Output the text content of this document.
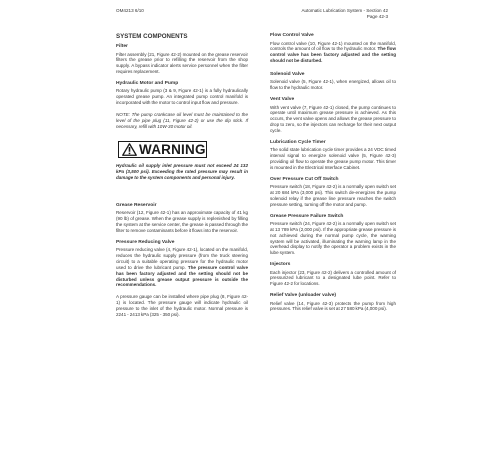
OM4213 6/10	Automatic Lubrication System - Section 42
Page 42-3
SYSTEM COMPONENTS
Filter
Filter assembly (21, Figure 42-2) mounted on the grease reservoir filters the grease prior to refilling the reservoir from the shop supply. A bypass indicator alerts service personnel when the filter requires replacement.
Hydraulic Motor and Pump
Rotary hydraulic pump (3 & 9, Figure 42-1) is a fully hydraulically operated grease pump. An integrated pump control manifold is incorporated with the motor to control input flow and pressure.
NOTE: The pump crankcase oil level must be maintained to the level of the pipe plug (11, Figure 42-2) or use the dip stick. If necessary, refill with 10W-30 motor oil.
WARNING
Hydraulic oil supply inlet pressure must not exceed 24 132 kPa (3,500 psi). Exceeding the rated pressure may result in damage to the system components and personal injury.
Grease Reservoir
Reservoir (12, Figure 42-1) has an approximate capacity of 41 kg (90 lb) of grease. When the grease supply is replenished by filling the system at the service center, the grease is passed through the filter to remove contaminants before it flows into the reservoir.
Pressure Reducing Valve
Pressure reducing valve (4, Figure 42-1), located on the manifold, reduces the hydraulic supply pressure (from the truck steering circuit) to a suitable operating pressure for the hydraulic motor used to drive the lubricant pump. The pressure control valve has been factory adjusted and the setting should not be disturbed unless grease output pressure is outside the recommendations.
A pressure gauge can be installed where pipe plug (8, Figure 42-1) is located. The pressure gauge will indicate hydraulic oil pressure to the inlet of the hydraulic motor. Normal pressure is 2241 - 2413 kPa (325 - 350 psi).
Flow Control Valve
Flow control valve (10, Figure 42-1) mounted on the manifold, controls the amount of oil flow to the hydraulic motor. The flow control valve has been factory adjusted and the setting should not be disturbed.
Solenoid Valve
Solenoid valve (5, Figure 42-1), when energized, allows oil to flow to the hydraulic motor.
Vent Valve
With vent valve (7, Figure 42-1) closed, the pump continues to operate until maximum grease pressure is achieved. As this occurs, the vent valve opens and allows the grease pressure to drop to zero, so the injectors can recharge for their next output cycle.
Lubrication Cycle Timer
The solid state lubrication cycle timer provides a 24 VDC timed interval signal to energize solenoid valve (5, Figure 42-3) providing oil flow to operate the grease pump motor. This timer is mounted in the Electrical Interface Cabinet.
Over Pressure Cut Off Switch
Pressure switch (18, Figure 42-2) is a normally open switch set at 20 684 kPa (3,000 psi). This switch de-energizes the pump solenoid relay if the grease line pressure reaches the switch pressure setting, turning off the motor and pump.
Grease Pressure Failure Switch
Pressure switch (24, Figure 42-2) is a normally open switch set at 13 789 kPa (2,000 psi). If the appropriate grease pressure is not achieved during the normal pump cycle, the warning system will be activated, illuminating the warning lamp in the overhead display to notify the operator a problem exists in the lube system.
Injectors
Each injector (23, Figure 42-2) delivers a controlled amount of pressurized lubricant to a designated lube point. Refer to Figure 42-2 for locations.
Relief Valve (unloader valve)
Relief valve (14, Figure 42-3) protects the pump from high pressures. This relief valve is set at 27 580 kPa (4,000 psi).
